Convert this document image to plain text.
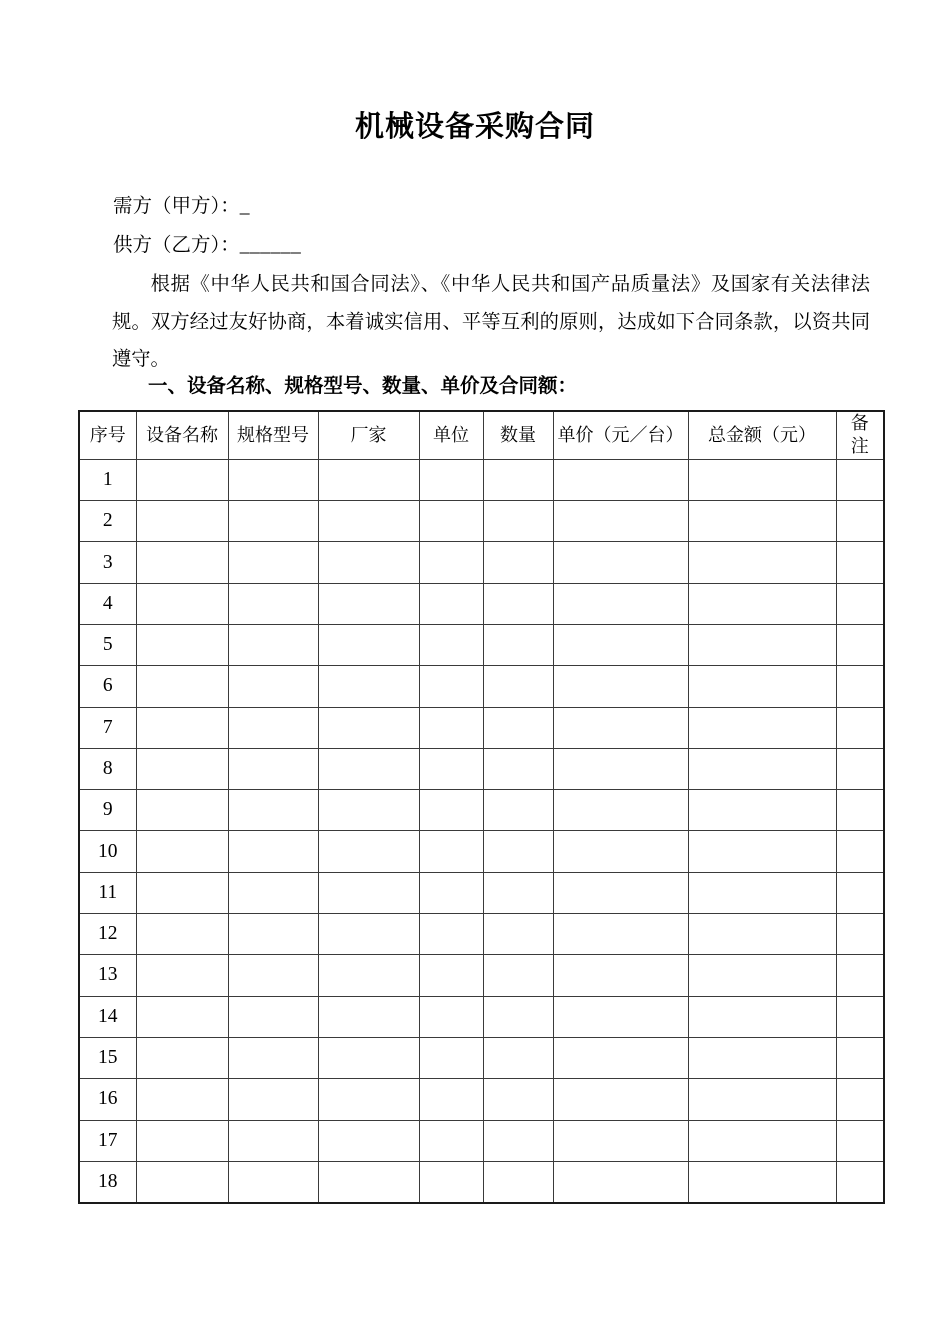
机械设备采购合同
需方（甲方）：_
供方（乙方）：______
根据《中华人民共和国合同法》、《中华人民共和国产品质量法》及国家有关法律法规。双方经过友好协商，本着诚实信用、平等互利的原则，达成如下合同条款，以资共同遵守。
一、设备名称、规格型号、数量、单价及合同额：
序号	设备名称	规格型号	厂家	单位	数量	单价（元／台）	总金额（元）	备注
1								
2								
3								
4								
5								
6								
7								
8								
9								
10								
11								
12								
13								
14								
15								
16								
17								
18								
